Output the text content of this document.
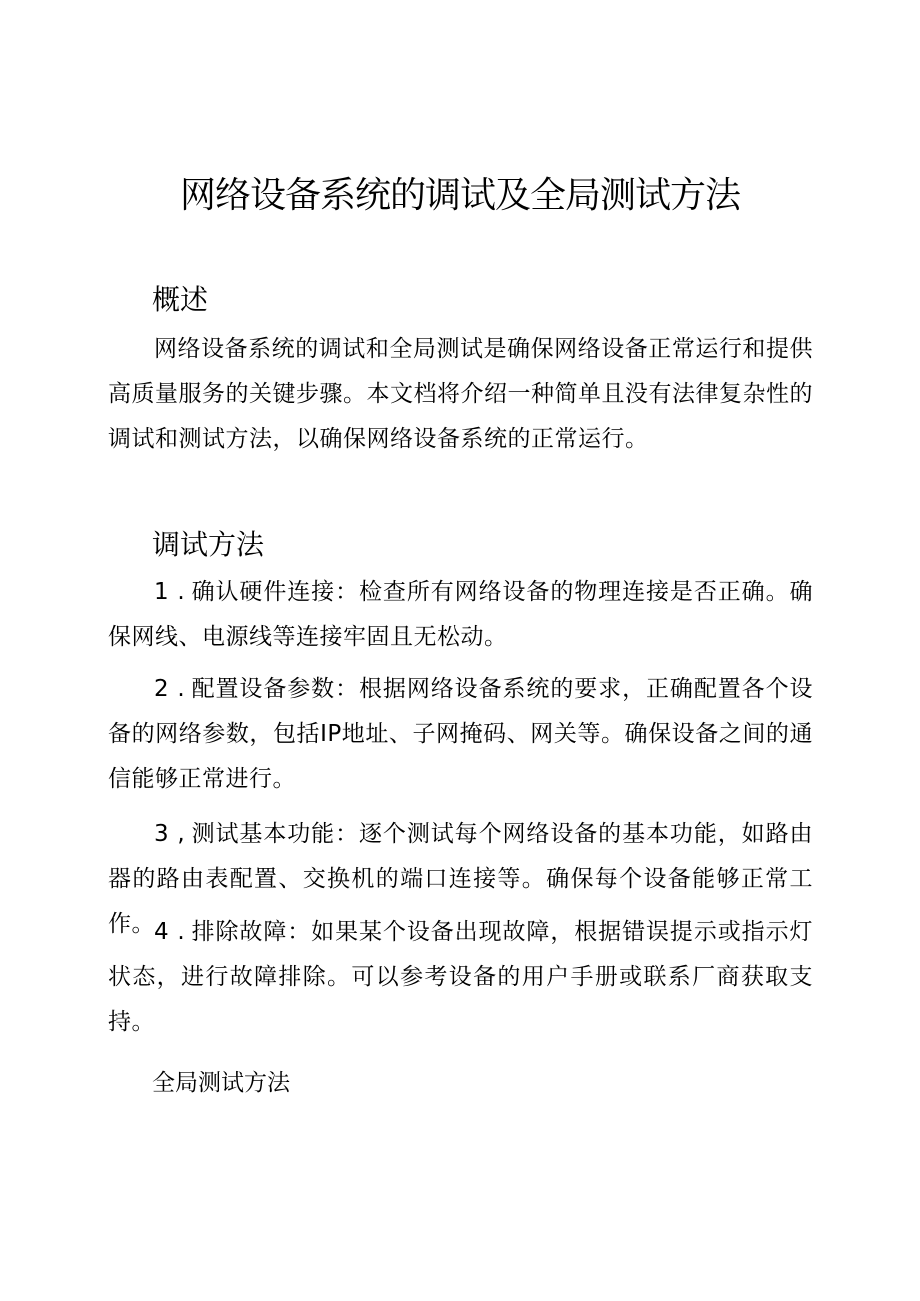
网络设备系统的调试及全局测试方法
概述

网络设备系统的调试和全局测试是确保网络设备正常运行和提供高质量服务的关键步骤。本文档将介绍一种简单且没有法律复杂性的调试和测试方法，以确保网络设备系统的正常运行。

调试方法

1 . 确认硬件连接：检查所有网络设备的物理连接是否正确。确保网线、电源线等连接牢固且无松动。

2 . 配置设备参数：根据网络设备系统的要求，正确配置各个设备的网络参数，包括IP地址、子网掩码、网关等。确保设备之间的通信能够正常进行。

3 , 测试基本功能：逐个测试每个网络设备的基本功能，如路由器的路由表配置、交换机的端口连接等。确保每个设备能够正常工作。 4 . 排除故障：如果某个设备出现故障，根据错误提示或指示灯状态，进行故障排除。可以参考设备的用户手册或联系厂商获取支持。

全局测试方法
